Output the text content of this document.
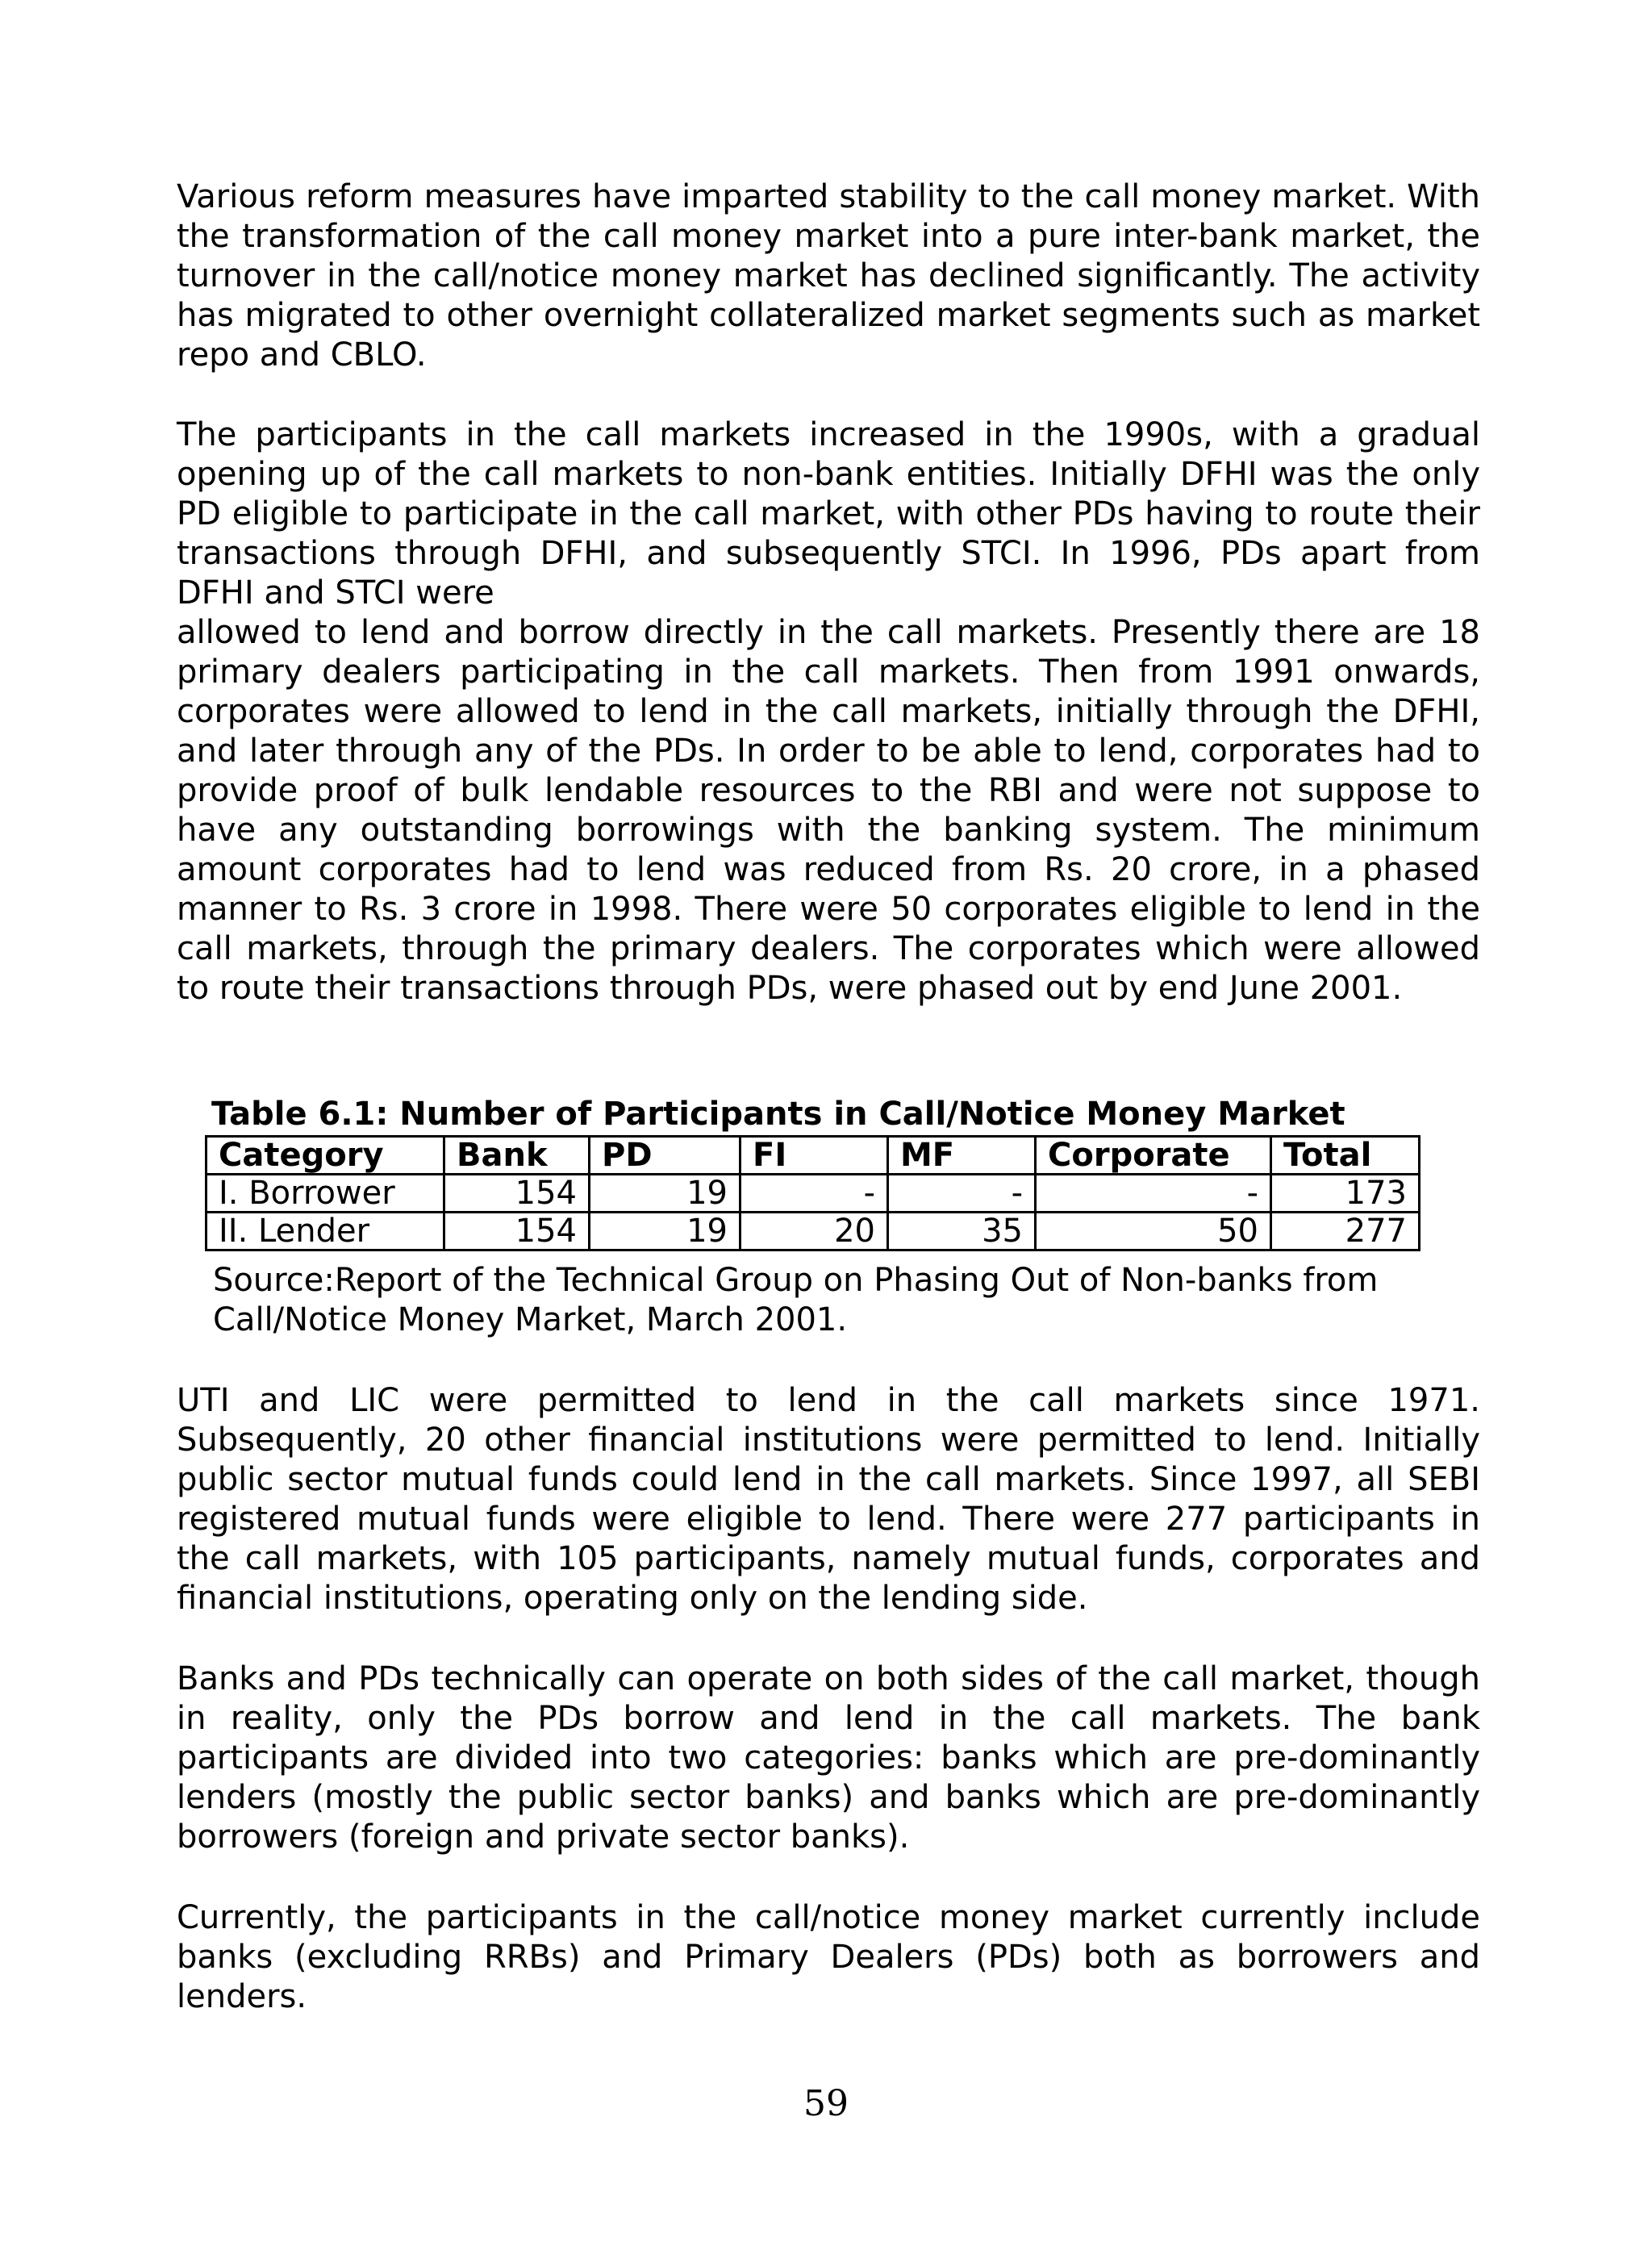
Various reform measures have imparted stability to the call money market. With the transformation of the call money market into a pure inter-bank market, the turnover in the call/notice money market has declined significantly. The activity has migrated to other overnight collateralized market segments such as market repo and CBLO.

The participants in the call markets increased in the 1990s, with a gradual opening up of the call markets to non-bank entities. Initially DFHI was the only PD eligible to participate in the call market, with other PDs having to route their transactions through DFHI, and subsequently STCI. In 1996, PDs apart from DFHI and STCI were

allowed to lend and borrow directly in the call markets. Presently there are 18 primary dealers participating in the call markets. Then from 1991 onwards, corporates were allowed to lend in the call markets, initially through the DFHI, and later through any of the PDs. In order to be able to lend, corporates had to provide proof of bulk lendable resources to the RBI and were not suppose to have any outstanding borrowings with the banking system. The minimum amount corporates had to lend was reduced from Rs. 20 crore, in a phased manner to Rs. 3 crore in 1998. There were 50 corporates eligible to lend in the call markets, through the primary dealers. The corporates which were allowed to route their transactions through PDs, were phased out by end June 2001.

Table 6.1: Number of Participants in Call/Notice Money Market
Category	Bank	PD	FI	MF	Corporate	Total
I. Borrower	154	19	-	-	-	173
II. Lender	154	19	20	35	50	277
Source:Report of the Technical Group on Phasing Out of Non-banks from
Call/Notice Money Market, March 2001.

UTI and LIC were permitted to lend in the call markets since 1971. Subsequently, 20 other financial institutions were permitted to lend. Initially public sector mutual funds could lend in the call markets. Since 1997, all SEBI registered mutual funds were eligible to lend. There were 277 participants in the call markets, with 105 participants, namely mutual funds, corporates and financial institutions, operating only on the lending side.

Banks and PDs technically can operate on both sides of the call market, though in reality, only the PDs borrow and lend in the call markets. The bank participants are divided into two categories: banks which are pre-dominantly lenders (mostly the public sector banks) and banks which are pre-dominantly borrowers (foreign and private sector banks).

Currently, the participants in the call/notice money market currently include banks (excluding RRBs) and Primary Dealers (PDs) both as borrowers and lenders.

59
